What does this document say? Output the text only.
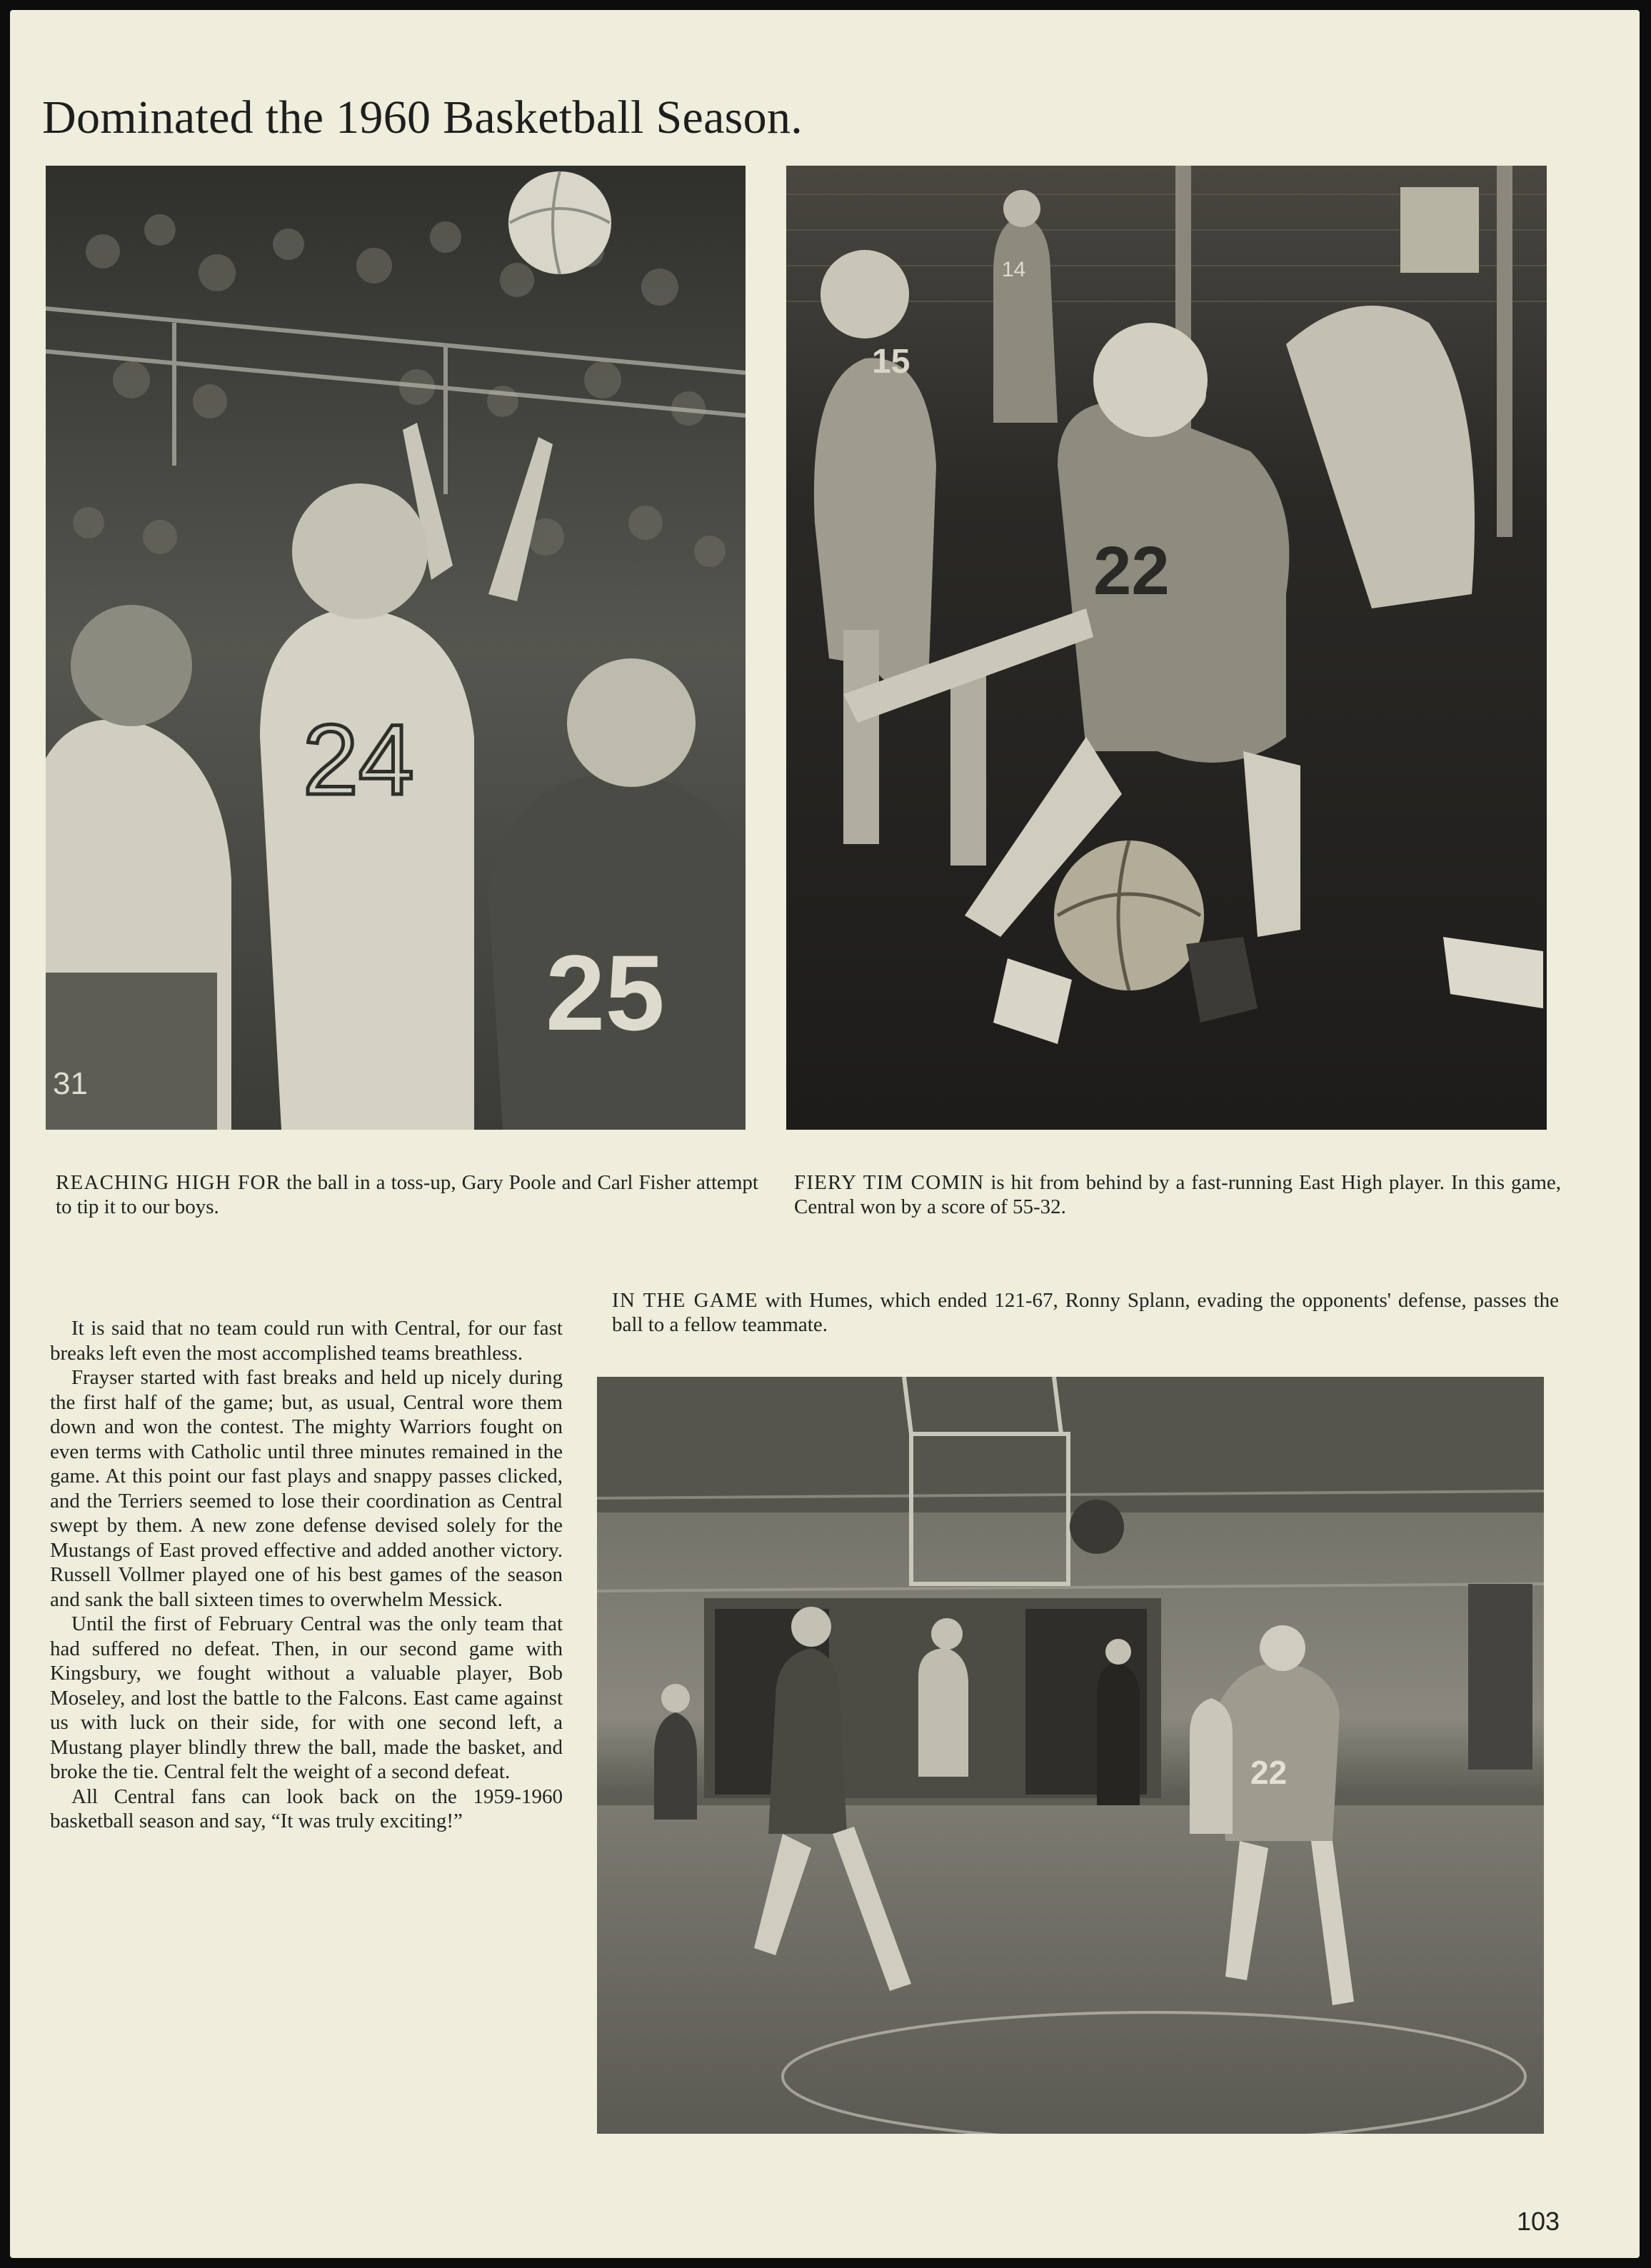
Dominated the 1960 Basketball Season.
24
25
31
15
14
22

REACHING HIGH FOR the ball in a toss-up, Gary Poole and Carl Fisher attempt to tip it to our boys.

FIERY TIM COMIN is hit from behind by a fast-running East High player. In this game, Central won by a score of 55-32.

IN THE GAME with Humes, which ended 121-67, Ronny Splann, evading the opponents' defense, passes the ball to a fellow teammate.

It is said that no team could run with Central, for our fast breaks left even the most accomplished teams breathless.

Frayser started with fast breaks and held up nicely during the first half of the game; but, as usual, Central wore them down and won the contest. The mighty Warriors fought on even terms with Catholic until three minutes remained in the game. At this point our fast plays and snappy passes clicked, and the Terriers seemed to lose their coordination as Central swept by them. A new zone defense devised solely for the Mustangs of East proved effective and added another victory. Russell Vollmer played one of his best games of the season and sank the ball sixteen times to overwhelm Messick.

Until the first of February Central was the only team that had suffered no defeat. Then, in our second game with Kingsbury, we fought without a valuable player, Bob Moseley, and lost the battle to the Falcons. East came against us with luck on their side, for with one second left, a Mustang player blindly threw the ball, made the basket, and broke the tie. Central felt the weight of a second defeat.

All Central fans can look back on the 1959-1960 basketball season and say, “It was truly exciting!”

22
103
